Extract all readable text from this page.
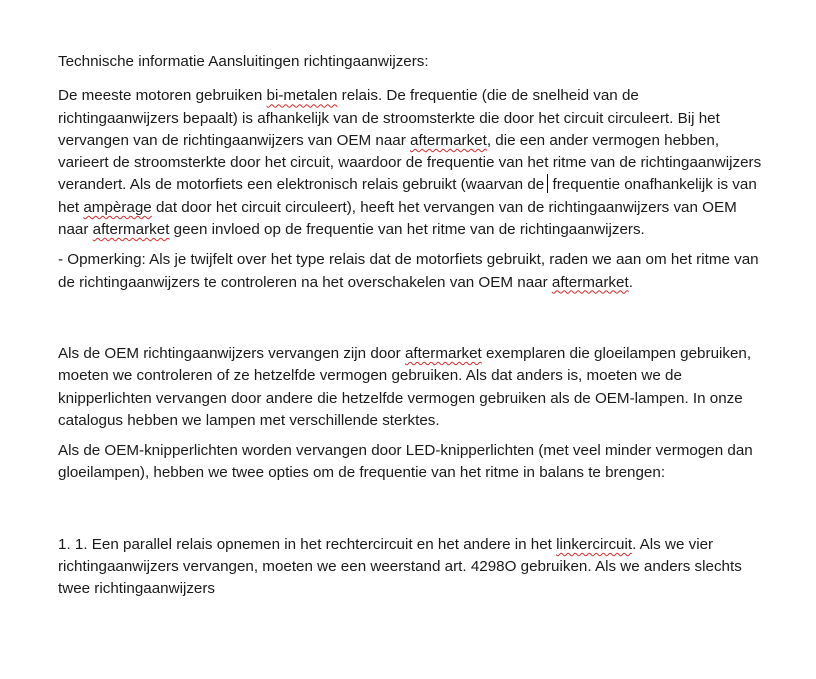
Technische informatie Aansluitingen richtingaanwijzers:

De meeste motoren gebruiken bi-metalen relais. De frequentie (die de snelheid van de richtingaanwijzers bepaalt) is afhankelijk van de stroomsterkte die door het circuit circuleert. Bij het vervangen van de richtingaanwijzers van OEM naar aftermarket, die een ander vermogen hebben, varieert de stroomsterkte door het circuit, waardoor de frequentie van het ritme van de richtingaanwijzers verandert. Als de motorfiets een elektronisch relais gebruikt (waarvan de frequentie onafhankelijk is van het ampèrage dat door het circuit circuleert), heeft het vervangen van de richtingaanwijzers van OEM naar aftermarket geen invloed op de frequentie van het ritme van de richtingaanwijzers.

- Opmerking: Als je twijfelt over het type relais dat de motorfiets gebruikt, raden we aan om het ritme van de richtingaanwijzers te controleren na het overschakelen van OEM naar aftermarket.

Als de OEM richtingaanwijzers vervangen zijn door aftermarket exemplaren die gloeilampen gebruiken, moeten we controleren of ze hetzelfde vermogen gebruiken. Als dat anders is, moeten we de knipperlichten vervangen door andere die hetzelfde vermogen gebruiken als de OEM-lampen. In onze catalogus hebben we lampen met verschillende sterktes.

Als de OEM-knipperlichten worden vervangen door LED-knipperlichten (met veel minder vermogen dan gloeilampen), hebben we twee opties om de frequentie van het ritme in balans te brengen:

1. 1. Een parallel relais opnemen in het rechtercircuit en het andere in het linkercircuit. Als we vier richtingaanwijzers vervangen, moeten we een weerstand art. 4298O gebruiken. Als we anders slechts twee richtingaanwijzers
